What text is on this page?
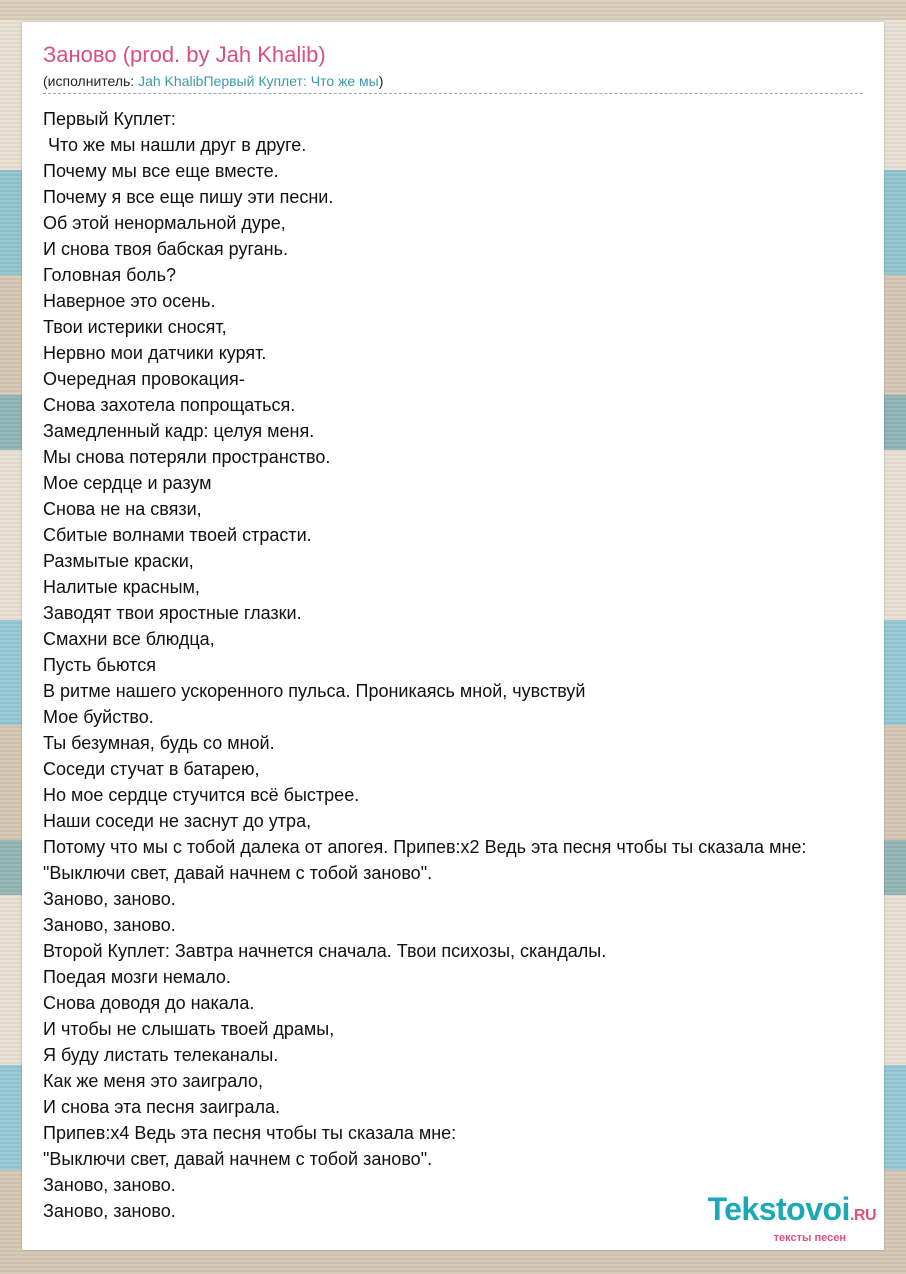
Заново (prod. by Jah Khalib)
(исполнитель: Jah KhalibПервый Куплет: Что же мы)
Первый Куплет:
Что же мы нашли друг в друге.
Почему мы все еще вместе.
Почему я все еще пишу эти песни.
Об этой ненормальной дуре,
И снова твоя бабская ругань.
Головная боль?
Наверное это осень.
Твои истерики сносят,
Нервно мои датчики курят.
Очередная провокация-
Снова захотела попрощаться.
Замедленный кадр: целуя меня.
Мы снова потеряли пространство.
Мое сердце и разум
Снова не на связи,
Сбитые волнами твоей страсти.
Размытые краски,
Налитые красным,
Заводят твои яростные глазки.
Смахни все блюдца,
Пусть бьются
В ритме нашего ускоренного пульса. Проникаясь мной, чувствуй
Мое буйство.
Ты безумная, будь со мной.
Соседи стучат в батарею,
Но мое сердце стучится всё быстрее.
Наши соседи не заснут до утра,
Потому что мы с тобой далека от апогея. Припев:x2 Ведь эта песня чтобы ты сказала мне:
"Выключи свет, давай начнем с тобой заново".
Заново, заново.
Заново, заново.
Второй Куплет: Завтра начнется сначала. Твои психозы, скандалы.
Поедая мозги немало.
Снова доводя до накала.
И чтобы не слышать твоей драмы,
Я буду листать телеканалы.
Как же меня это заиграло,
И снова эта песня заиграла.
Припев:x4 Ведь эта песня чтобы ты сказала мне:
"Выключи свет, давай начнем с тобой заново".
Заново, заново.
Заново, заново.	Tekstovoi.RU
тексты песен
